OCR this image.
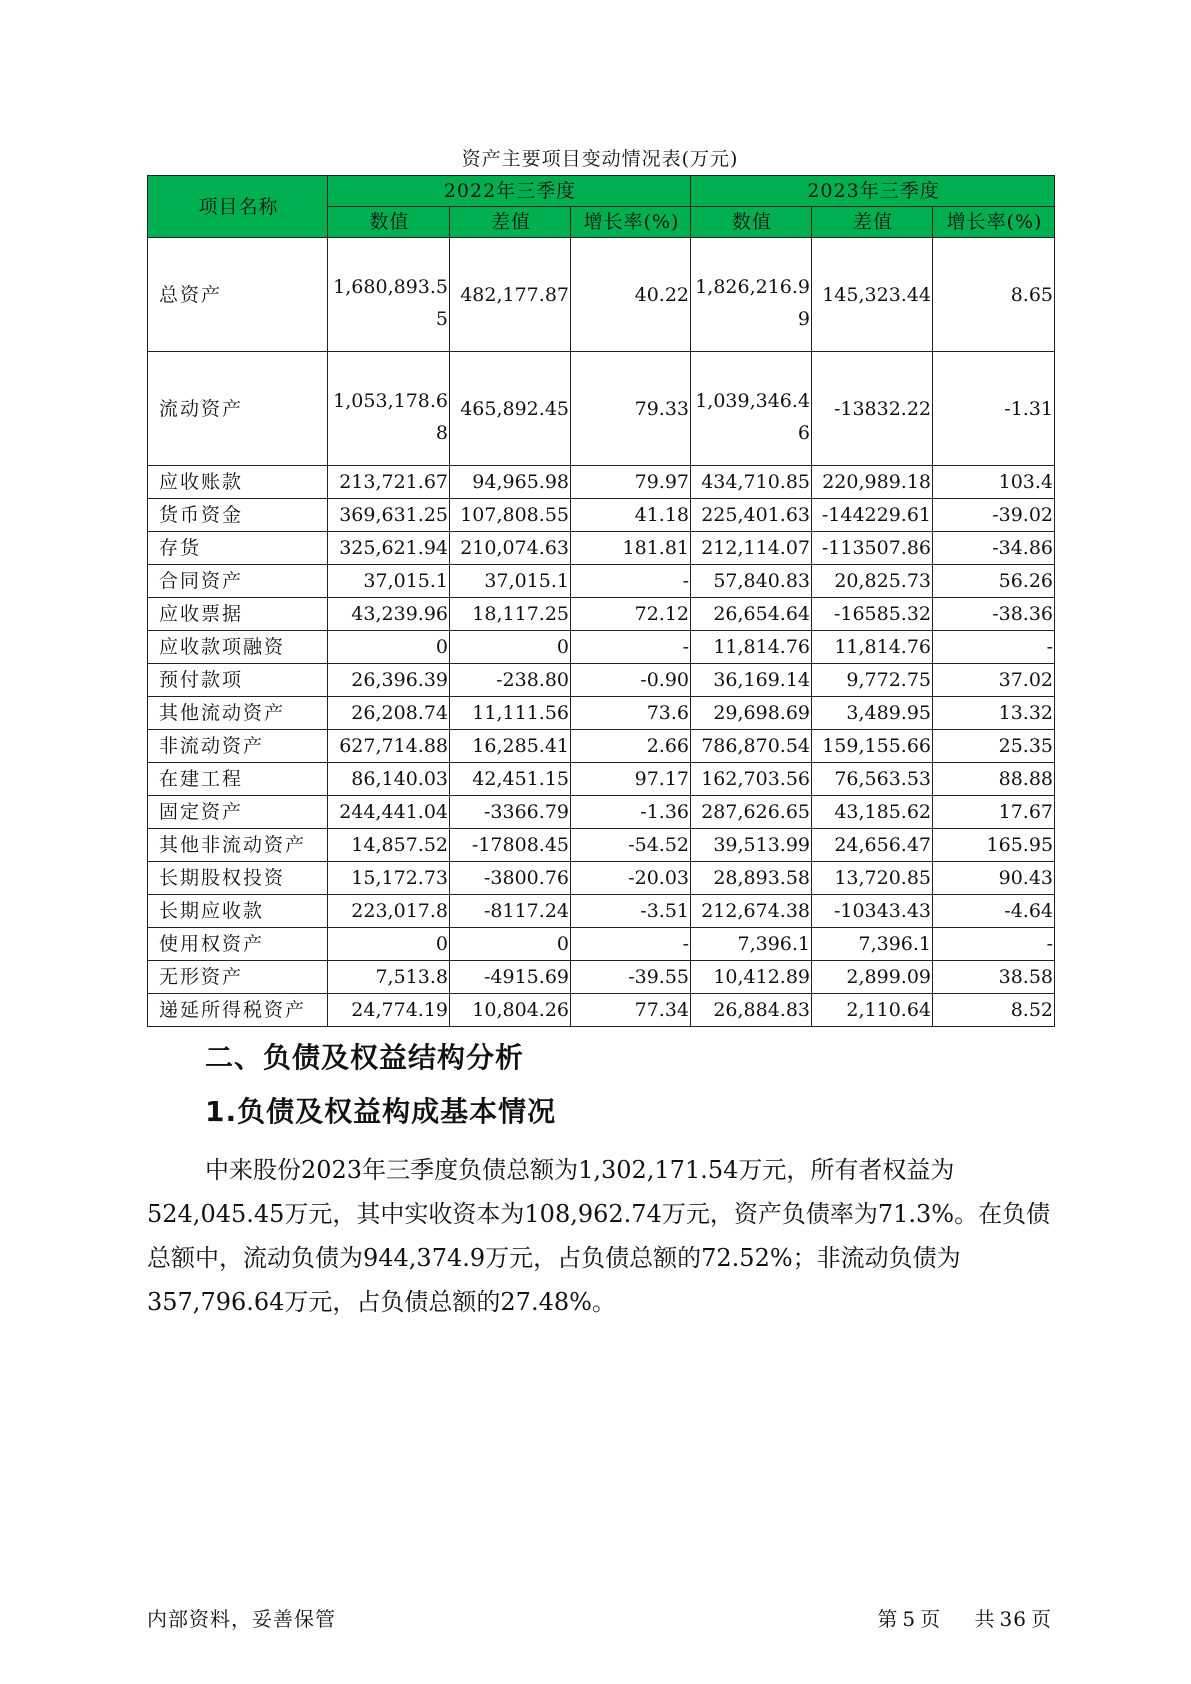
资产主要项目变动情况表(万元)
项目名称	2022年三季度			2023年三季度		
	数值	差值	增长率(%)	数值	差值	增长率(%)
总资产	1,680,893.55	482,177.87	40.22	1,826,216.99	145,323.44	8.65
流动资产	1,053,178.68	465,892.45	79.33	1,039,346.46	-13832.22	-1.31
应收账款	213,721.67	94,965.98	79.97	434,710.85	220,989.18	103.4
货币资金	369,631.25	107,808.55	41.18	225,401.63	-144229.61	-39.02
存货	325,621.94	210,074.63	181.81	212,114.07	-113507.86	-34.86
合同资产	37,015.1	37,015.1	-	57,840.83	20,825.73	56.26
应收票据	43,239.96	18,117.25	72.12	26,654.64	-16585.32	-38.36
应收款项融资	0	0	-	11,814.76	11,814.76	-
预付款项	26,396.39	-238.80	-0.90	36,169.14	9,772.75	37.02
其他流动资产	26,208.74	11,111.56	73.6	29,698.69	3,489.95	13.32
非流动资产	627,714.88	16,285.41	2.66	786,870.54	159,155.66	25.35
在建工程	86,140.03	42,451.15	97.17	162,703.56	76,563.53	88.88
固定资产	244,441.04	-3366.79	-1.36	287,626.65	43,185.62	17.67
其他非流动资产	14,857.52	-17808.45	-54.52	39,513.99	24,656.47	165.95
长期股权投资	15,172.73	-3800.76	-20.03	28,893.58	13,720.85	90.43
长期应收款	223,017.8	-8117.24	-3.51	212,674.38	-10343.43	-4.64
使用权资产	0	0	-	7,396.1	7,396.1	-
无形资产	7,513.8	-4915.69	-39.55	10,412.89	2,899.09	38.58
递延所得税资产	24,774.19	10,804.26	77.34	26,884.83	2,110.64	8.52
二、负债及权益结构分析
1.负债及权益构成基本情况

中来股份2023年三季度负债总额为1,302,171.54万元，所有者权益为524,045.45万元，其中实收资本为108,962.74万元，资产负债率为71.3%。在负债总额中，流动负债为944,374.9万元，占负债总额的72.52%；非流动负债为357,796.64万元，占负债总额的27.48%。

内部资料，妥善保管	第 5 页 共 36 页
